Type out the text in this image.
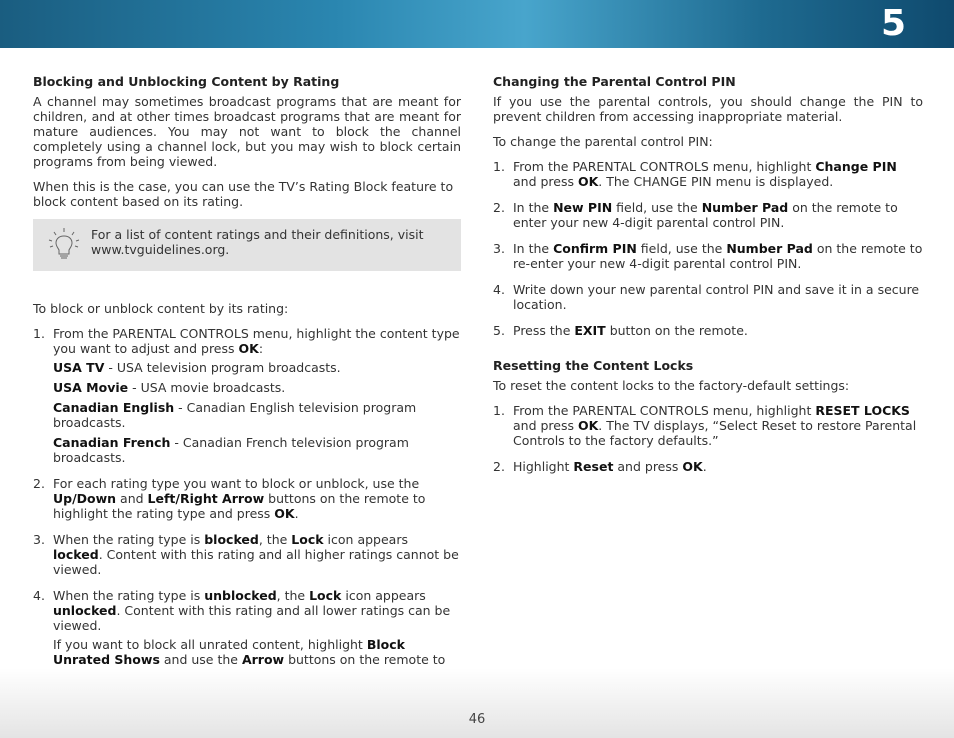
5
Blocking and Unblocking Content by Rating

A channel may sometimes broadcast programs that are meant for children, and at other times broadcast programs that are meant for mature audiences. You may not want to block the channel completely using a channel lock, but you may wish to block certain programs from being viewed.

When this is the case, you can use the TV’s Rating Block feature to block content based on its rating.

For a list of content ratings and their definitions, visit www.tvguidelines.org.

To block or unblock content by its rating:

1. From the PARENTAL CONTROLS menu, highlight the content type you want to adjust and press OK:

USA TV - USA television program broadcasts.

USA Movie - USA movie broadcasts.

Canadian English - Canadian English television program broadcasts.

Canadian French - Canadian French television program broadcasts.

2. For each rating type you want to block or unblock, use the Up/Down and Left/Right Arrow buttons on the remote to highlight the rating type and press OK.
3. When the rating type is blocked, the Lock icon appears locked. Content with this rating and all higher ratings cannot be viewed.
4. When the rating type is unblocked, the Lock icon appears unlocked. Content with this rating and all lower ratings can be viewed.

If you want to block all unrated content, highlight Block Unrated Shows and use the Arrow buttons on the remote to

Changing the Parental Control PIN

If you use the parental controls, you should change the PIN to prevent children from accessing inappropriate material.

To change the parental control PIN:

1. From the PARENTAL CONTROLS menu, highlight Change PIN and press OK. The CHANGE PIN menu is displayed.
2. In the New PIN field, use the Number Pad on the remote to enter your new 4-digit parental control PIN.
3. In the Confirm PIN field, use the Number Pad on the remote to re-enter your new 4-digit parental control PIN.
4. Write down your new parental control PIN and save it in a secure location.
5. Press the EXIT button on the remote.
Resetting the Content Locks

To reset the content locks to the factory-default settings:

1. From the PARENTAL CONTROLS menu, highlight RESET LOCKS and press OK. The TV displays, “Select Reset to restore Parental Controls to the factory defaults.”
2. Highlight Reset and press OK.
46
